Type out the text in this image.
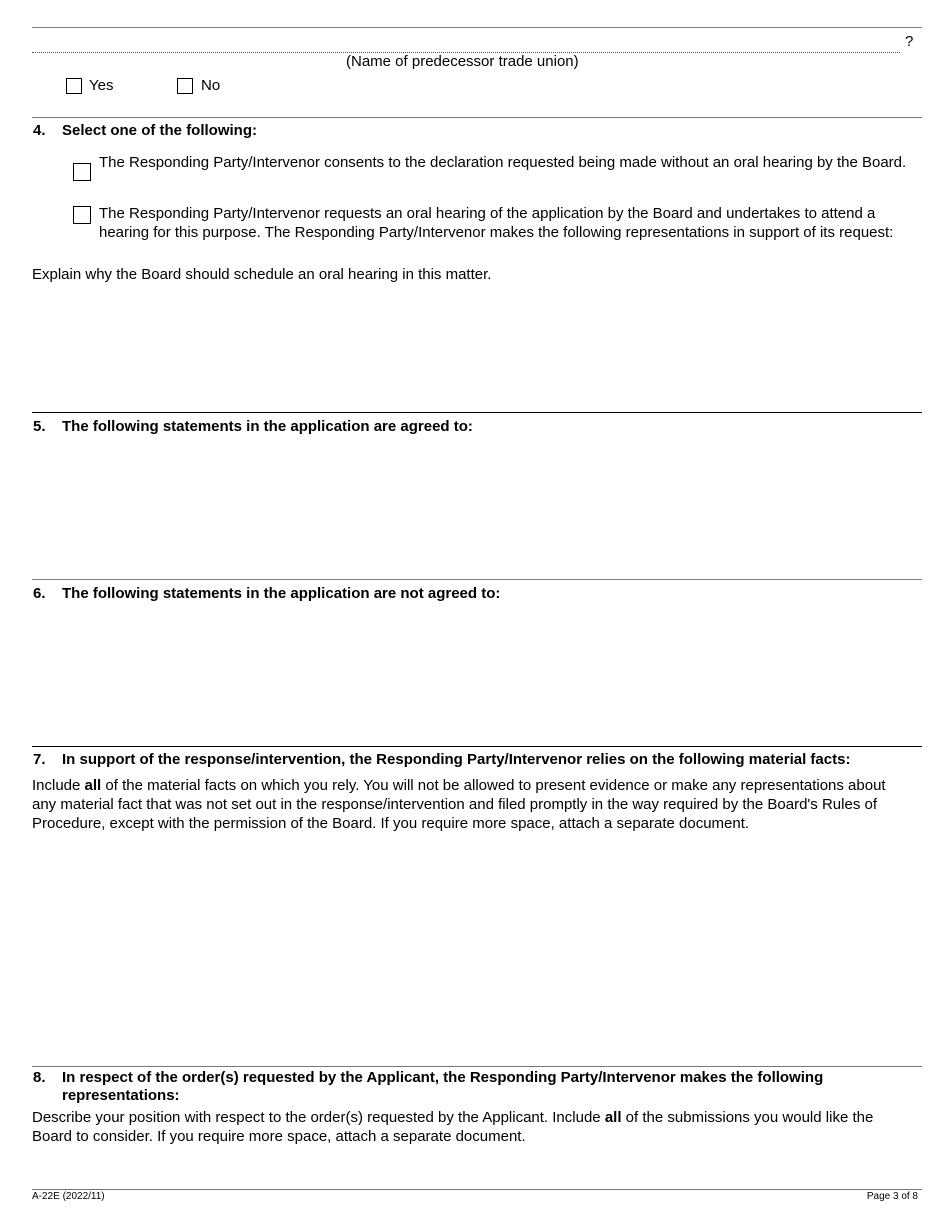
?
(Name of predecessor trade union)
Yes	No
4. Select one of the following:
The Responding Party/Intervenor consents to the declaration requested being made without an oral hearing by the Board.
The Responding Party/Intervenor requests an oral hearing of the application by the Board and undertakes to attend a hearing for this purpose. The Responding Party/Intervenor makes the following representations in support of its request:
Explain why the Board should schedule an oral hearing in this matter.
5. The following statements in the application are agreed to:
6. The following statements in the application are not agreed to:
7. In support of the response/intervention, the Responding Party/Intervenor relies on the following material facts:
Include all of the material facts on which you rely. You will not be allowed to present evidence or make any representations about any material fact that was not set out in the response/intervention and filed promptly in the way required by the Board's Rules of Procedure, except with the permission of the Board. If you require more space, attach a separate document.
8. In respect of the order(s) requested by the Applicant, the Responding Party/Intervenor makes the following representations:
Describe your position with respect to the order(s) requested by the Applicant. Include all of the submissions you would like the Board to consider. If you require more space, attach a separate document.
A-22E (2022/11)	Page 3 of 8
